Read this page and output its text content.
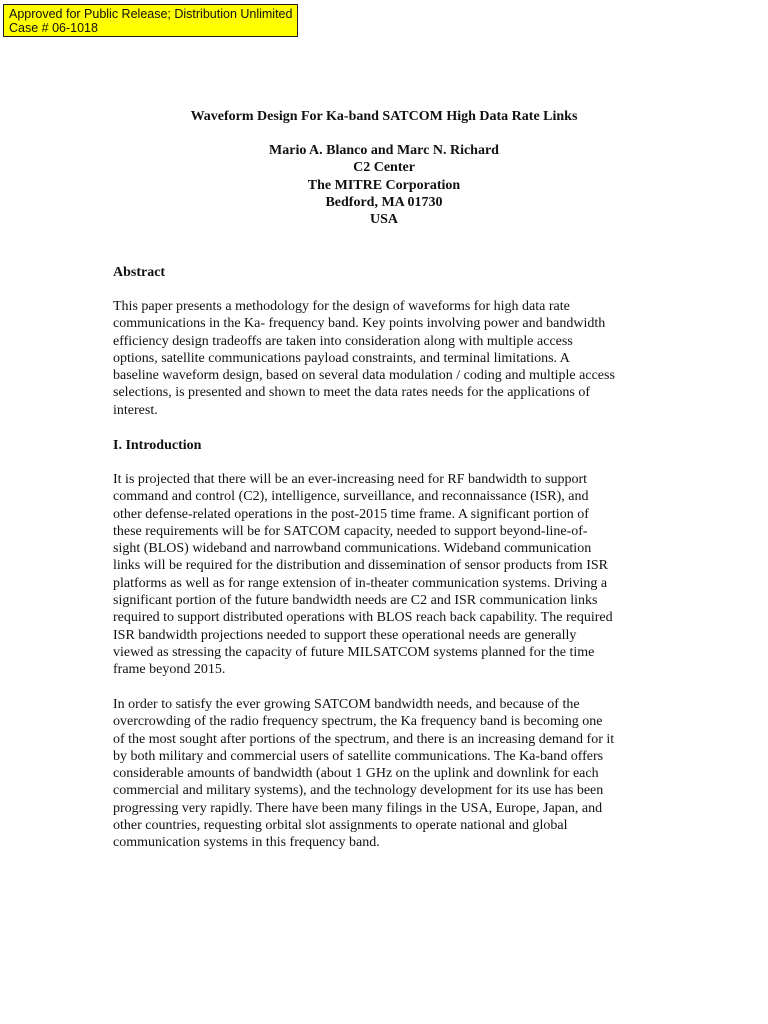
Approved for Public Release; Distribution Unlimited
Case # 06-1018
Waveform Design For Ka-band SATCOM High Data Rate Links
Mario A. Blanco and Marc N. Richard
C2 Center
The MITRE Corporation
Bedford, MA 01730
USA
Abstract

This paper presents a methodology for the design of waveforms for high data rate
communications in the Ka- frequency band. Key points involving power and bandwidth
efficiency design tradeoffs are taken into consideration along with multiple access
options, satellite communications payload constraints, and terminal limitations. A
baseline waveform design, based on several data modulation / coding and multiple access
selections, is presented and shown to meet the data rates needs for the applications of
interest.

I. Introduction

It is projected that there will be an ever-increasing need for RF bandwidth to support
command and control (C2), intelligence, surveillance, and reconnaissance (ISR), and
other defense-related operations in the post-2015 time frame. A significant portion of
these requirements will be for SATCOM capacity, needed to support beyond-line-of-
sight (BLOS) wideband and narrowband communications. Wideband communication
links will be required for the distribution and dissemination of sensor products from ISR
platforms as well as for range extension of in-theater communication systems. Driving a
significant portion of the future bandwidth needs are C2 and ISR communication links
required to support distributed operations with BLOS reach back capability. The required
ISR bandwidth projections needed to support these operational needs are generally
viewed as stressing the capacity of future MILSATCOM systems planned for the time
frame beyond 2015.

In order to satisfy the ever growing SATCOM bandwidth needs, and because of the
overcrowding of the radio frequency spectrum, the Ka frequency band is becoming one
of the most sought after portions of the spectrum, and there is an increasing demand for it
by both military and commercial users of satellite communications. The Ka-band offers
considerable amounts of bandwidth (about 1 GHz on the uplink and downlink for each
commercial and military systems), and the technology development for its use has been
progressing very rapidly. There have been many filings in the USA, Europe, Japan, and
other countries, requesting orbital slot assignments to operate national and global
communication systems in this frequency band.
